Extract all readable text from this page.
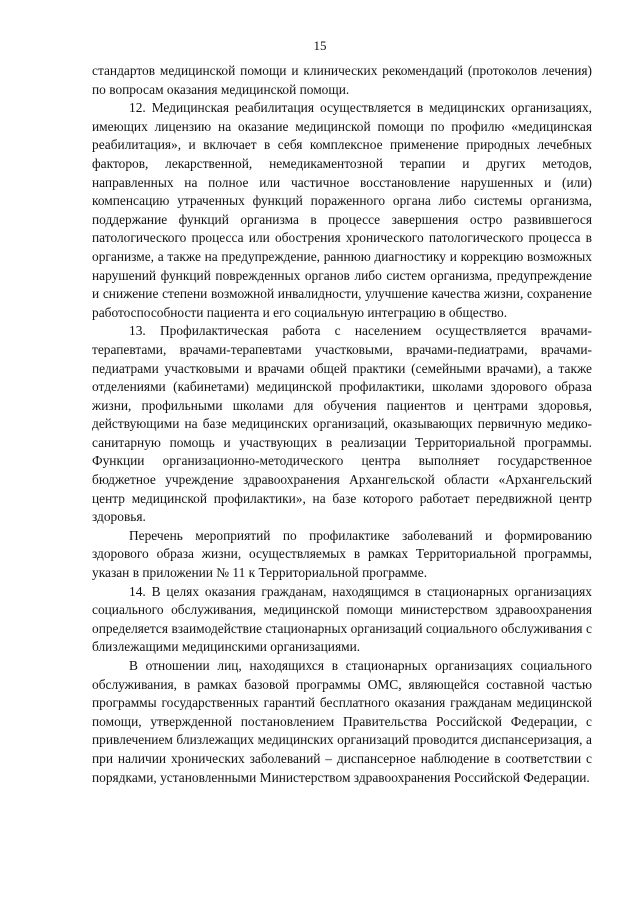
15

стандартов медицинской помощи и клинических рекомендаций (протоколов лечения) по вопросам оказания медицинской помощи.

12. Медицинская реабилитация осуществляется в медицинских организациях, имеющих лицензию на оказание медицинской помощи по профилю «медицинская реабилитация», и включает в себя комплексное применение природных лечебных факторов, лекарственной, немедикаментозной терапии и других методов, направленных на полное или частичное восстановление нарушенных и (или) компенсацию утраченных функций пораженного органа либо системы организма, поддержание функций организма в процессе завершения остро развившегося патологического процесса или обострения хронического патологического процесса в организме, а также на предупреждение, раннюю диагностику и коррекцию возможных нарушений функций поврежденных органов либо систем организма, предупреждение и снижение степени возможной инвалидности, улучшение качества жизни, сохранение работоспособности пациента и его социальную интеграцию в общество.

13. Профилактическая работа с населением осуществляется врачами-терапевтами, врачами-терапевтами участковыми, врачами-педиатрами, врачами-педиатрами участковыми и врачами общей практики (семейными врачами), а также отделениями (кабинетами) медицинской профилактики, школами здорового образа жизни, профильными школами для обучения пациентов и центрами здоровья, действующими на базе медицинских организаций, оказывающих первичную медико-санитарную помощь и участвующих в реализации Территориальной программы. Функции организационно-методического центра выполняет государственное бюджетное учреждение здравоохранения Архангельской области «Архангельский центр медицинской профилактики», на базе которого работает передвижной центр здоровья.

Перечень мероприятий по профилактике заболеваний и формированию здорового образа жизни, осуществляемых в рамках Территориальной программы, указан в приложении № 11 к Территориальной программе.

14. В целях оказания гражданам, находящимся в стационарных организациях социального обслуживания, медицинской помощи министерством здравоохранения определяется взаимодействие стационарных организаций социального обслуживания с близлежащими медицинскими организациями.

В отношении лиц, находящихся в стационарных организациях социального обслуживания, в рамках базовой программы ОМС, являющейся составной частью программы государственных гарантий бесплатного оказания гражданам медицинской помощи, утвержденной постановлением Правительства Российской Федерации, с привлечением близлежащих медицинских организаций проводится диспансеризация, а при наличии хронических заболеваний – диспансерное наблюдение в соответствии с порядками, установленными Министерством здравоохранения Российской Федерации.
